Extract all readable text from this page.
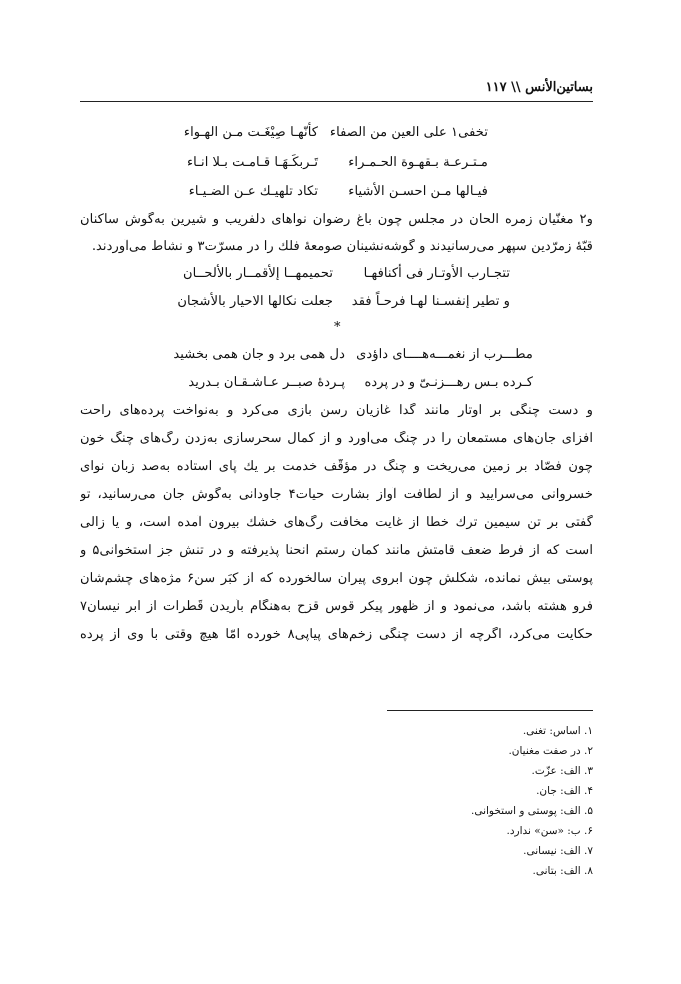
بساتین‌الأنس \\ ۱۱۷
تخفی۱ علی العین من الصفاء
کأنّهـا صِیْغَـت مـن الهـواء
مـتـرعـة بـقهـوة الحـمـراء
تَـربکَـهَـا قـامـت بـلا انـاء
فیـالها مـن احسـن الأشیاء
تکاد تلهیـك عـن الضـیـاء
و۲ مغنّیان زمره الحان در مجلس چون باغ رضوان نواهای دلفریب و شیرین به‌گوش ساکنان
قبّهٔ زمرّدین سپهر می‌رسانیدند و گوشه‌نشینان صومعهٔ فلك را در مسرّت۳ و نشاط می‌آوردند.
تتجـارب الأوتـار فی أکنافهـا
تحمیمهــا إلأقمــار بالألحــان
و تطیر إنفسـنا لهـا فرحـاً فقد
جعلت نکالها الاحیار بالأشجان
*
مطـــرب از نغمـــه‌هــــای داؤدی
دل همی برد و جان همی بخشید
کـرده بـس رهـــزنـیّ و در پرده
پـردهٔ صبــر عـاشـقـان بـدرید
و دست چنگی بر اوتار مانند گدا غازیان رسن بازی می‌کرد و به‌نواخت پرده‌های راحت
افزای جان‌های مستمعان را در چنگ می‌آورد و از کمال سحرسازی به‌زدن رگ‌های چنگ خون
چون فصّاد بر زمین می‌ریخت و چنگ در مؤقّف خدمت بر یك پای استاده به‌صد زبان نوای
خسروانی می‌سرایید و از لطافت آواز بشارت حیات۴ جاودانی به‌گوش جان می‌رسانید، تو
گفتی بر تن سیمین ترك خطا از غایت مخافت رگ‌های خشك بیرون آمده است، و یا زالی
است که از فرط ضعف قامتش مانند کمان رستم انحنا پذیرفته و در تنش جز استخوانی۵ و
پوستی بیش نمانده، شکلش چون ابروی پیران سالخورده که از کبَر سن۶ مژه‌های چشم‌شان
فرو هشته باشد، می‌نمود و از ظهور پیکر قوس قزح به‌هنگام باَریدن قَطرات از ابر نیسان۷
حکایت می‌کرد، اگرچه از دست چنگی زخم‌های پیاپی۸ خورده امّا هیچ وقتی با وی از پرده
۱. اساس: تغنی.
۲. در صفت مغنیان.
۳. الف: عزّت.
۴. الف: جان.
۵. الف: پوستی و استخوانی.
۶. ب: «سن» ندارد.
۷. الف: نیسانی.
۸. الف: بتانی.
